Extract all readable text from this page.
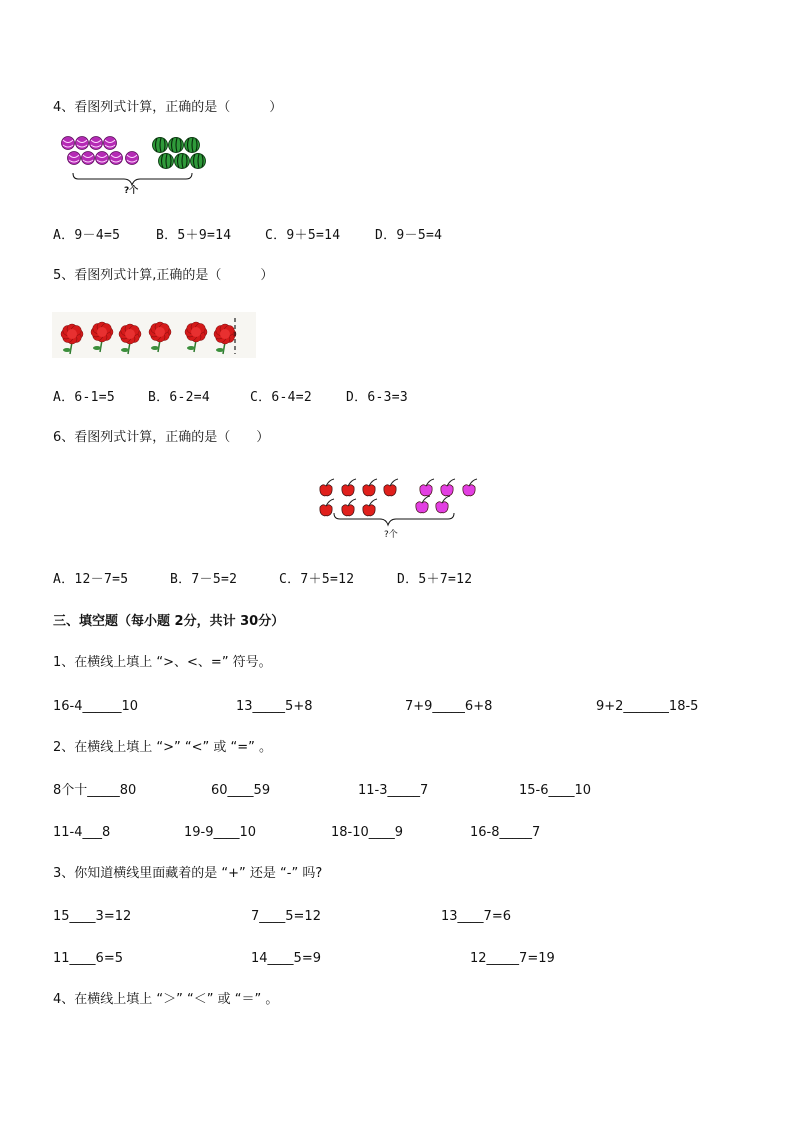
4、看图列式计算，正确的是（　　　）
?个
A．9－4=5	B．5＋9=14	C．9＋5=14	D．9－5=4
5、看图列式计算,正确的是（　　　）
A．6-1=5	B．6-2=4	C．6-4=2	D．6-3=3
6、看图列式计算，正确的是（　　）
?个
A．12－7=5	B．7－5=2	C．7＋5=12	D．5＋7=12
三、填空题（每小题 2分，共计 30分）
1、在横线上填上 “>、<、=” 符号。
16-4______10	13_____5+8	7+9_____6+8	9+2_______18-5
2、在横线上填上 “>” “<” 或 “=” 。
8个十_____80	60____59	11-3_____7	15-6____10
11-4___8	19-9____10	18-10____9	16-8_____7
3、你知道横线里面藏着的是 “+” 还是 “-” 吗?
15____3=12	7____5=12	13____7=6
11____6=5	14____5=9	12_____7=19
4、在横线上填上 “＞” “＜” 或 “＝” 。
